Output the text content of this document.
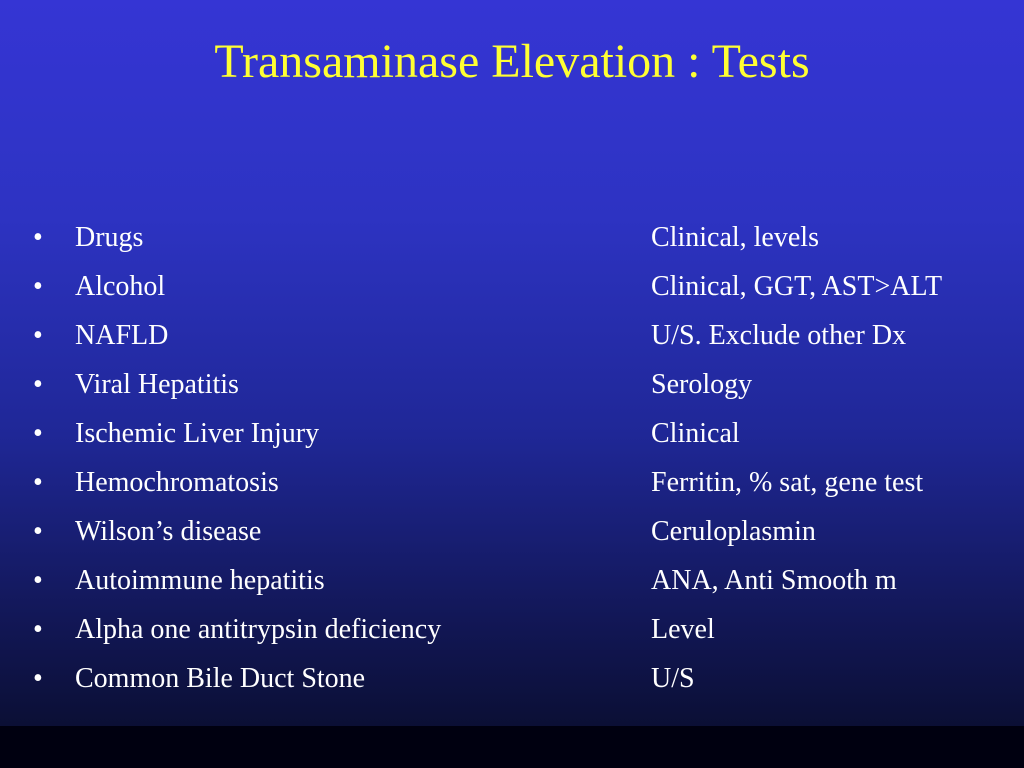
Transaminase Elevation : Tests
• Drugs	Clinical, levels
• Alcohol	Clinical, GGT, AST>ALT
• NAFLD	U/S. Exclude other Dx
• Viral Hepatitis	Serology
• Ischemic Liver Injury	Clinical
• Hemochromatosis	Ferritin, % sat, gene test
• Wilson’s disease	Ceruloplasmin
• Autoimmune hepatitis	ANA, Anti Smooth m
• Alpha one antitrypsin deficiency	Level
• Common Bile Duct Stone	U/S
